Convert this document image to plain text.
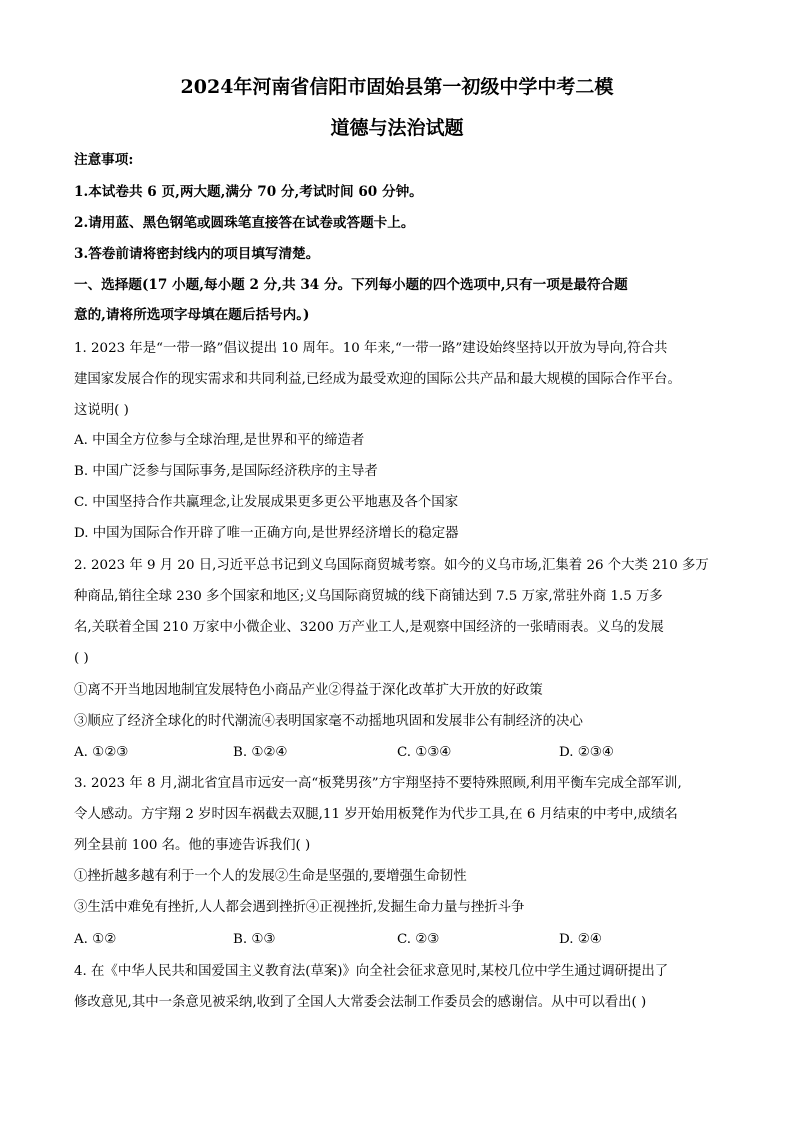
2024年河南省信阳市固始县第一初级中学中考二模
道德与法治试题
注意事项:
1.本试卷共 6 页,两大题,满分 70 分,考试时间 60 分钟。
2.请用蓝、黑色钢笔或圆珠笔直接答在试卷或答题卡上。
3.答卷前请将密封线内的项目填写清楚。
一、选择题(17 小题,每小题 2 分,共 34 分。下列每小题的四个选项中,只有一项是最符合题
意的,请将所选项字母填在题后括号内。)
1. 2023 年是“一带一路”倡议提出 10 周年。10 年来,“一带一路”建设始终坚持以开放为导向,符合共
建国家发展合作的现实需求和共同利益,已经成为最受欢迎的国际公共产品和最大规模的国际合作平台。
这说明( )
A. 中国全方位参与全球治理,是世界和平的缔造者
B. 中国广泛参与国际事务,是国际经济秩序的主导者
C. 中国坚持合作共赢理念,让发展成果更多更公平地惠及各个国家
D. 中国为国际合作开辟了唯一正确方向,是世界经济增长的稳定器
2. 2023 年 9 月 20 日,习近平总书记到义乌国际商贸城考察。如今的义乌市场,汇集着 26 个大类 210 多万
种商品,销往全球 230 多个国家和地区;义乌国际商贸城的线下商铺达到 7.5 万家,常驻外商 1.5 万多
名,关联着全国 210 万家中小微企业、3200 万产业工人,是观察中国经济的一张晴雨表。义乌的发展
( )
①离不开当地因地制宜发展特色小商品产业②得益于深化改革扩大开放的好政策
③顺应了经济全球化的时代潮流④表明国家毫不动摇地巩固和发展非公有制经济的决心
A. ①②③	B. ①②④	C. ①③④	D. ②③④
3. 2023 年 8 月,湖北省宜昌市远安一高“板凳男孩”方宇翔坚持不要特殊照顾,利用平衡车完成全部军训,
令人感动。方宇翔 2 岁时因车祸截去双腿,11 岁开始用板凳作为代步工具,在 6 月结束的中考中,成绩名
列全县前 100 名。他的事迹告诉我们( )
①挫折越多越有利于一个人的发展②生命是坚强的,要增强生命韧性
③生活中难免有挫折,人人都会遇到挫折④正视挫折,发掘生命力量与挫折斗争
A. ①②	B. ①③	C. ②③	D. ②④
4. 在《中华人民共和国爱国主义教育法(草案)》向全社会征求意见时,某校几位中学生通过调研提出了
修改意见,其中一条意见被采纳,收到了全国人大常委会法制工作委员会的感谢信。从中可以看出( )
